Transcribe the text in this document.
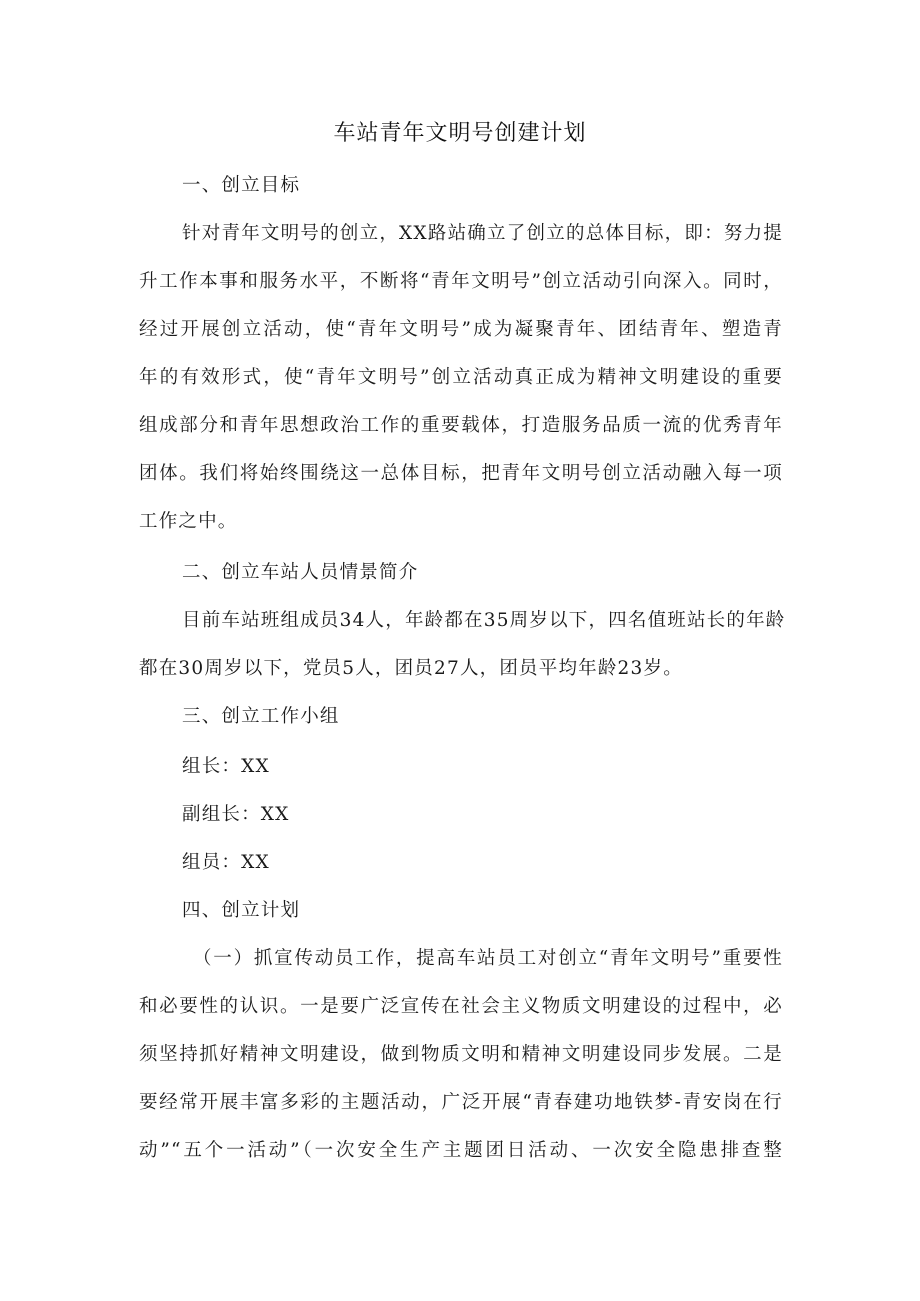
车站青年文明号创建计划
一、创立目标
针对青年文明号的创立，XX路站确立了创立的总体目标，即：努力提
升工作本事和服务水平，不断将“青年文明号”创立活动引向深入。同时，
经过开展创立活动，使“青年文明号”成为凝聚青年、团结青年、塑造青
年的有效形式，使“青年文明号”创立活动真正成为精神文明建设的重要
组成部分和青年思想政治工作的重要载体，打造服务品质一流的优秀青年
团体。我们将始终围绕这一总体目标，把青年文明号创立活动融入每一项
工作之中。
二、创立车站人员情景简介
目前车站班组成员34人，年龄都在35周岁以下，四名值班站长的年龄
都在30周岁以下，党员5人，团员27人，团员平均年龄23岁。
三、创立工作小组
组长：XX
副组长：XX
组员：XX
四、创立计划
（一）抓宣传动员工作，提高车站员工对创立“青年文明号”重要性
和必要性的认识。一是要广泛宣传在社会主义物质文明建设的过程中，必
须坚持抓好精神文明建设，做到物质文明和精神文明建设同步发展。二是
要经常开展丰富多彩的主题活动，广泛开展“青春建功地铁梦-青安岗在行
动”“五个一活动”（一次安全生产主题团日活动、一次安全隐患排查整
